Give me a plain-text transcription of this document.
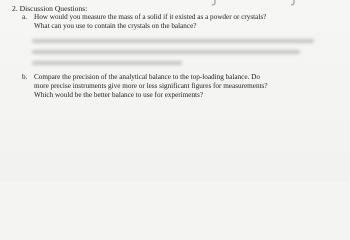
2. Discussion Questions:
a. How would you measure the mass of a solid if it existed as a powder or crystals?
What can you use to contain the crystals on the balance?
b. Compare the precision of the analytical balance to the top-loading balance. Do
more precise instruments give more or less significant figures for measurements?
Which would be the better balance to use for experiments?
